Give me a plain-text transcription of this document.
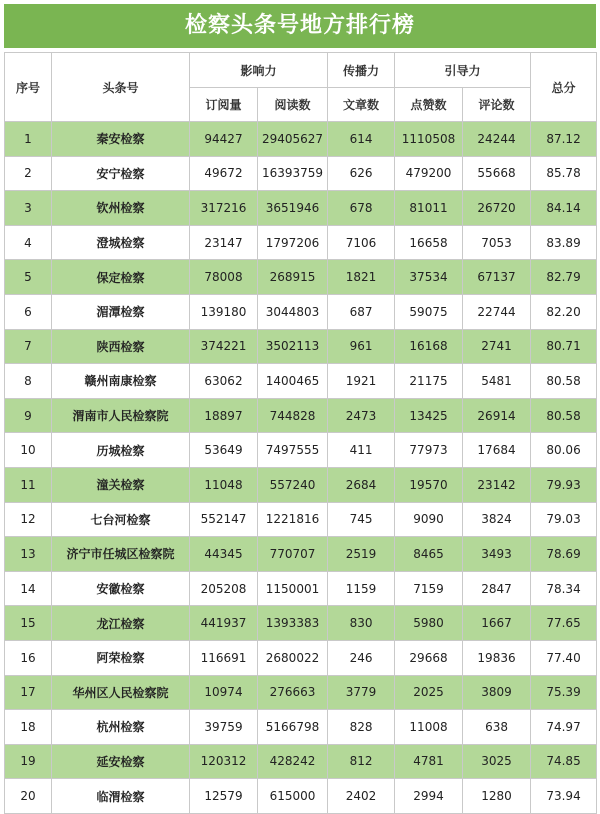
检察头条号地方排行榜
序号	头条号	影响力		传播力	引导力		总分
		订阅量	阅读数	文章数	点赞数	评论数	
1	秦安检察	94427	29405627	614	1110508	24244	87.12
2	安宁检察	49672	16393759	626	479200	55668	85.78
3	钦州检察	317216	3651946	678	81011	26720	84.14
4	澄城检察	23147	1797206	7106	16658	7053	83.89
5	保定检察	78008	268915	1821	37534	67137	82.79
6	湄潭检察	139180	3044803	687	59075	22744	82.20
7	陕西检察	374221	3502113	961	16168	2741	80.71
8	赣州南康检察	63062	1400465	1921	21175	5481	80.58
9	渭南市人民检察院	18897	744828	2473	13425	26914	80.58
10	历城检察	53649	7497555	411	77973	17684	80.06
11	潼关检察	11048	557240	2684	19570	23142	79.93
12	七台河检察	552147	1221816	745	9090	3824	79.03
13	济宁市任城区检察院	44345	770707	2519	8465	3493	78.69
14	安徽检察	205208	1150001	1159	7159	2847	78.34
15	龙江检察	441937	1393383	830	5980	1667	77.65
16	阿荣检察	116691	2680022	246	29668	19836	77.40
17	华州区人民检察院	10974	276663	3779	2025	3809	75.39
18	杭州检察	39759	5166798	828	11008	638	74.97
19	延安检察	120312	428242	812	4781	3025	74.85
20	临渭检察	12579	615000	2402	2994	1280	73.94
